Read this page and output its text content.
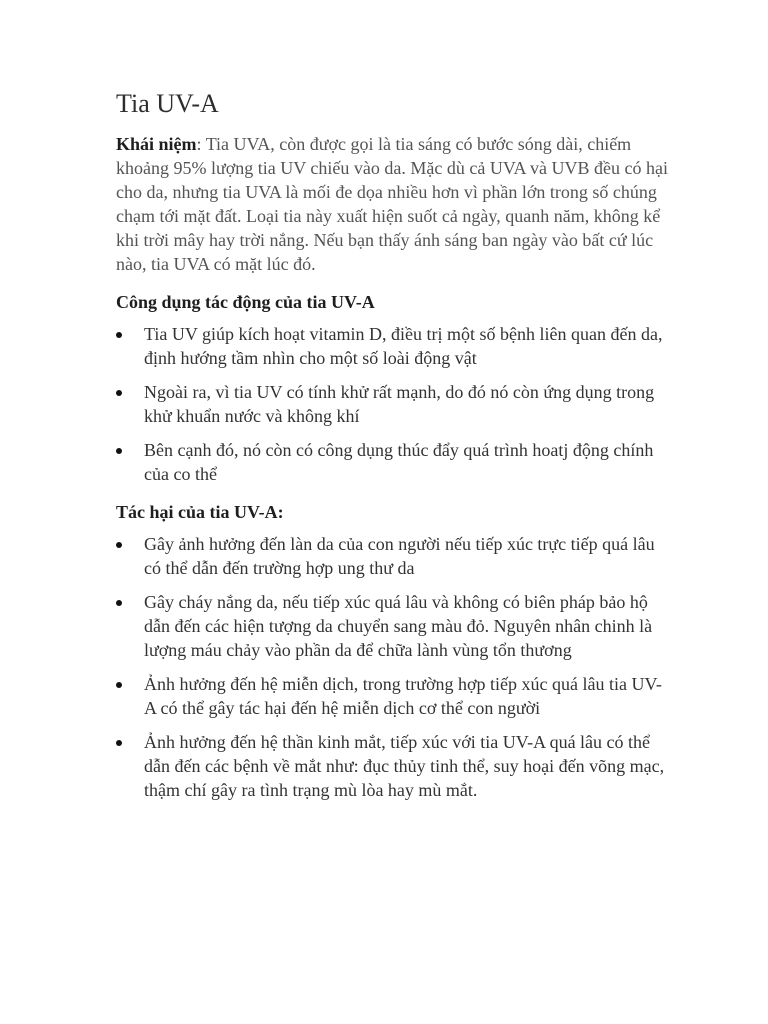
Tia UV-A

Khái niệm: Tia UVA, còn được gọi là tia sáng có bước sóng dài, chiếm khoảng 95% lượng tia UV chiếu vào da. Mặc dù cả UVA và UVB đều có hại cho da, nhưng tia UVA là mối đe dọa nhiều hơn vì phần lớn trong số chúng chạm tới mặt đất. Loại tia này xuất hiện suốt cả ngày, quanh năm, không kể khi trời mây hay trời nắng. Nếu bạn thấy ánh sáng ban ngày vào bất cứ lúc nào, tia UVA có mặt lúc đó.

Công dụng tác động của tia UV-A
Tia UV giúp kích hoạt vitamin D, điều trị một số bệnh liên quan đến da, định hướng tầm nhìn cho một số loài động vật
Ngoài ra, vì tia UV có tính khử rất mạnh, do đó nó còn ứng dụng trong khử khuẩn nước và không khí
Bên cạnh đó, nó còn có công dụng thúc đẩy quá trình hoatj động chính của co thể
Tác hại của tia UV-A:
Gây ảnh hưởng đến làn da của con người nếu tiếp xúc trực tiếp quá lâu có thể dẫn đến trường hợp ung thư da
Gây cháy nắng da, nếu tiếp xúc quá lâu và không có biên pháp bảo hộ dẫn đến các hiện tượng da chuyển sang màu đỏ. Nguyên nhân chinh là lượng máu chảy vào phần da để chữa lành vùng tổn thương
Ảnh hưởng đến hệ miễn dịch, trong trường hợp tiếp xúc quá lâu tia UV-A có thể gây tác hại đến hệ miễn dịch cơ thể con người
Ảnh hưởng đến hệ thần kinh mắt, tiếp xúc với tia UV-A quá lâu có thể dẫn đến các bệnh về mắt như: đục thủy tinh thể, suy hoại đến võng mạc, thậm chí gây ra tình trạng mù lòa hay mù mắt.
